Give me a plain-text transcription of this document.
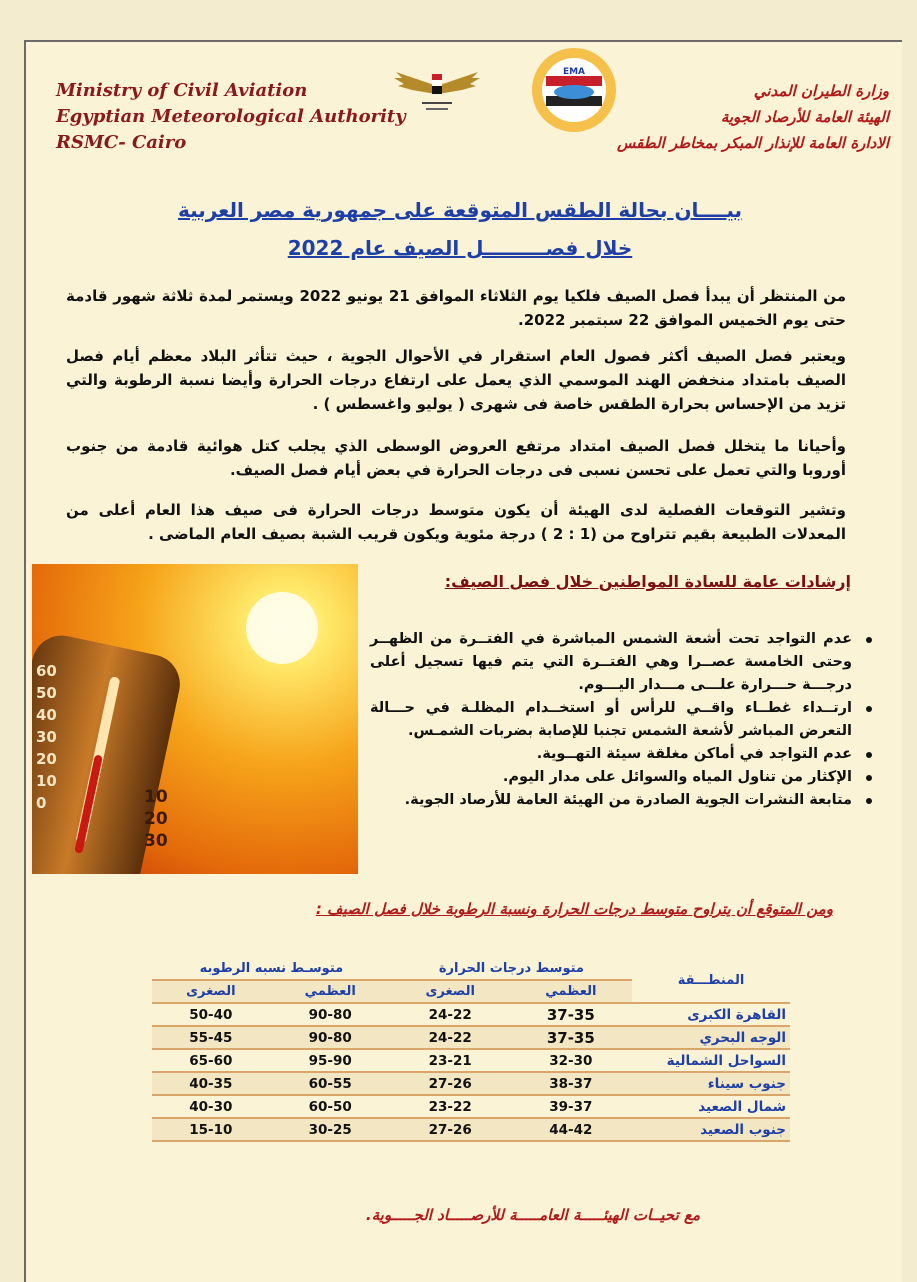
Ministry of Civil Aviation
Egyptian Meteorological Authority
RSMC- Cairo
EMA
وزارة الطيران المدني
الهيئة العامة للأرصاد الجوية
الادارة العامة للإنذار المبكر بمخاطر الطقس
بيــــان بحالة الطقس المتوقعة على جمهورية مصر العربية
خلال فصـــــــــل الصيف عام 2022
من المنتظر أن يبدأ فصل الصيف فلكيا يوم الثلاثاء الموافق 21 يونيو 2022 ويستمر لمدة ثلاثة شهور قادمة حتى يوم الخميس الموافق 22 سبتمبر 2022.
ويعتبر فصل الصيف أكثر فصول العام استقرار في الأحوال الجوية ، حيث تتأثر البلاد معظم أيام فصل الصيف بامتداد منخفض الهند الموسمي الذي يعمل على ارتفاع درجات الحرارة وأيضا نسبة الرطوبة والتي تزيد من الإحساس بحرارة الطقس خاصة فى شهرى ( يوليو واغسطس ) .
وأحيانا ما يتخلل فصل الصيف امتداد مرتفع العروض الوسطى الذي يجلب كتل هوائية قادمة من جنوب أوروبا والتي تعمل على تحسن نسبى فى درجات الحرارة في بعض أيام فصل الصيف.
وتشير التوقعات الفصلية لدى الهيئة أن يكون متوسط درجات الحرارة فى صيف هذا العام أعلى من المعدلات الطبيعة بقيم تتراوح من (1 : 2 ) درجة مئوية ويكون قريب الشبة بصيف العام الماضى .
60
50
40
30
20
10
0	10
20
30
إرشادات عامة للسادة المواطنين خلال فصل الصيف:
عدم التواجد تحت أشعة الشمس المباشرة في الفتــرة من الظهــر وحتى الخامسة عصــرا وهي الفتــرة التي يتم فيها تسجيل أعلى درجـــة حـــرارة علـــى مـــدار اليـــوم.
ارتــداء غطــاء واقــي للرأس أو استخــدام المظلـة في حـــالة التعرض المباشر لأشعة الشمس تجنبا للإصابة بضربات الشمـس.
عدم التواجد في أماكن مغلقة سيئة التهــوية.
الإكثار من تناول المياه والسوائل على مدار اليوم.
متابعة النشرات الجوية الصادرة من الهيئة العامة للأرصاد الجوية.
ومن المتوقع أن يتراوح متوسط درجات الحرارة ونسبة الرطوبة خلال فصل الصيف :
المنطـــقة	متوسط درجات الحرارة		متوسـط نسبه الرطوبه	
	العظمي	الصغرى	العظمي	الصغرى
القاهرة الكبرى	37-35	24-22	90-80	50-40
الوجه البحري	37-35	24-22	90-80	55-45
السواحل الشمالية	32-30	23-21	95-90	65-60
جنوب سيناء	38-37	27-26	60-55	40-35
شمال الصعيد	39-37	23-22	60-50	40-30
جنوب الصعيد	44-42	27-26	30-25	15-10
مع تحيــات الهيئـــــة العامـــــة للأرصـــــاد الجـــــوية.
